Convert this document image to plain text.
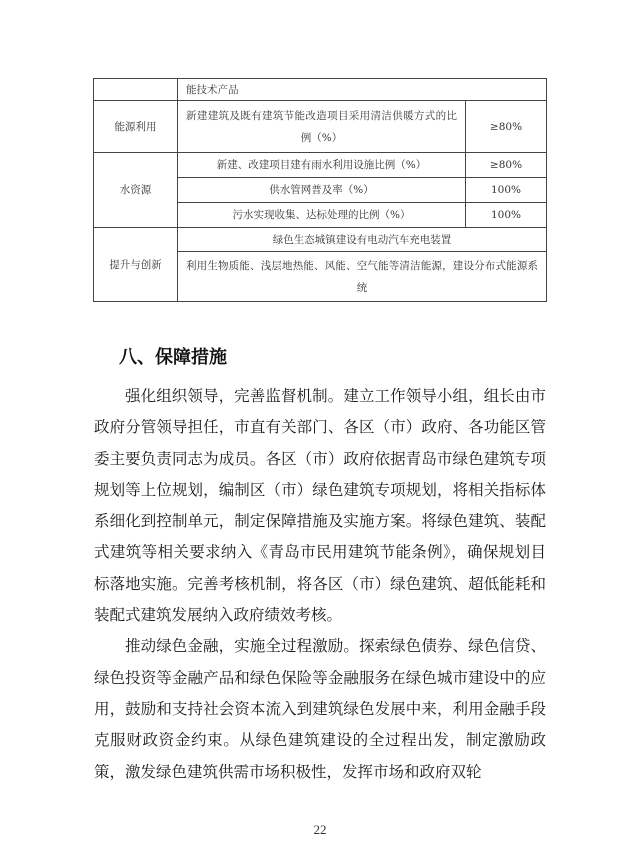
	能技术产品	
能源利用	新建建筑及既有建筑节能改造项目采用清洁供暖方式的比例（%）	≥80%
水资源	新建、改建项目建有雨水利用设施比例（%）	≥80%
	供水管网普及率（%）	100%
	污水实现收集、达标处理的比例（%）	100%
提升与创新	绿色生态城镇建设有电动汽车充电装置	

	利用生物质能、浅层地热能、风能、空气能等清洁能源，建设分布式能源系统	
八、保障措施

强化组织领导，完善监督机制。建立工作领导小组，组长由市政府分管领导担任，市直有关部门、各区（市）政府、各功能区管委主要负责同志为成员。各区（市）政府依据青岛市绿色建筑专项规划等上位规划，编制区（市）绿色建筑专项规划，将相关指标体系细化到控制单元，制定保障措施及实施方案。将绿色建筑、装配式建筑等相关要求纳入《青岛市民用建筑节能条例》，确保规划目标落地实施。完善考核机制，将各区（市）绿色建筑、超低能耗和装配式建筑发展纳入政府绩效考核。

推动绿色金融，实施全过程激励。探索绿色债券、绿色信贷、绿色投资等金融产品和绿色保险等金融服务在绿色城市建设中的应用，鼓励和支持社会资本流入到建筑绿色发展中来，利用金融手段克服财政资金约束。从绿色建筑建设的全过程出发，制定激励政策，激发绿色建筑供需市场积极性，发挥市场和政府双轮

22
